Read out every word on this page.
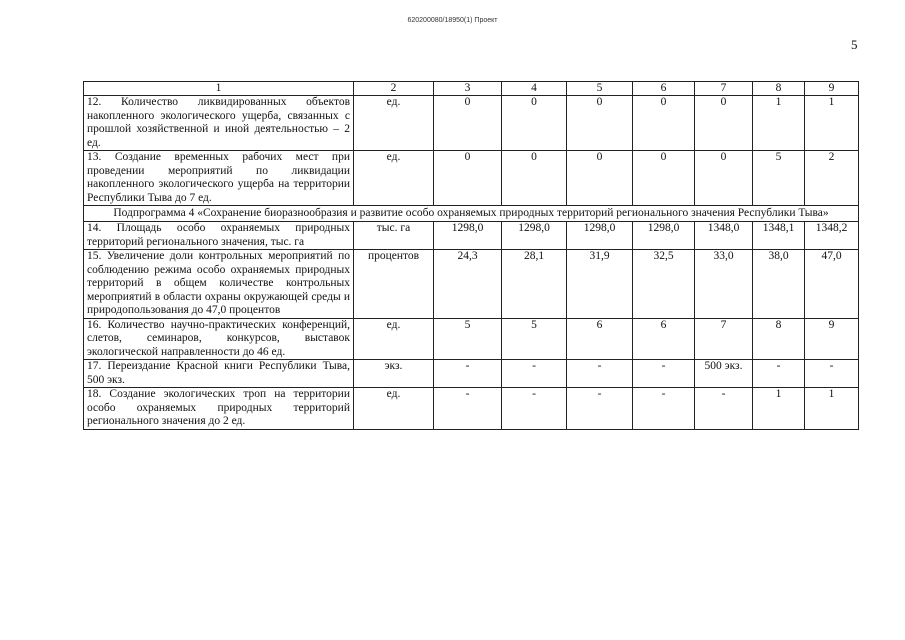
620200080/18950(1) Проект
5
1	2	3	4	5	6	7	8	9
12. Количество ликвидированных объектов накопленного экологического ущерба, связанных с прошлой хозяйственной и иной деятельностью – 2 ед.	ед.	0	0	0	0	0	1	1
13. Создание временных рабочих мест при проведении мероприятий по ликвидации накопленного экологического ущерба на территории Республики Тыва до 7 ед.	ед.	0	0	0	0	0	5	2
Подпрограмма 4 «Сохранение биоразнообразия и развитие особо охраняемых природных территорий регионального значения Республики Тыва»								
14. Площадь особо охраняемых природных территорий регионального значения, тыс. га	тыс. га	1298,0	1298,0	1298,0	1298,0	1348,0	1348,1	1348,2
15. Увеличение доли контрольных мероприятий по соблюдению режима особо охраняемых природных территорий в общем количестве контрольных мероприятий в области охраны окружающей среды и природопользования до 47,0 процентов	процентов	24,3	28,1	31,9	32,5	33,0	38,0	47,0
16. Количество научно-практических конференций, слетов, семинаров, конкурсов, выставок экологической направленности до 46 ед.	ед.	5	5	6	6	7	8	9
17. Переиздание Красной книги Республики Тыва, 500 экз.	экз.	-	-	-	-	500 экз.	-	-
18. Создание экологических троп на территории особо охраняемых природных территорий регионального значения до 2 ед.	ед.	-	-	-	-	-	1	1
